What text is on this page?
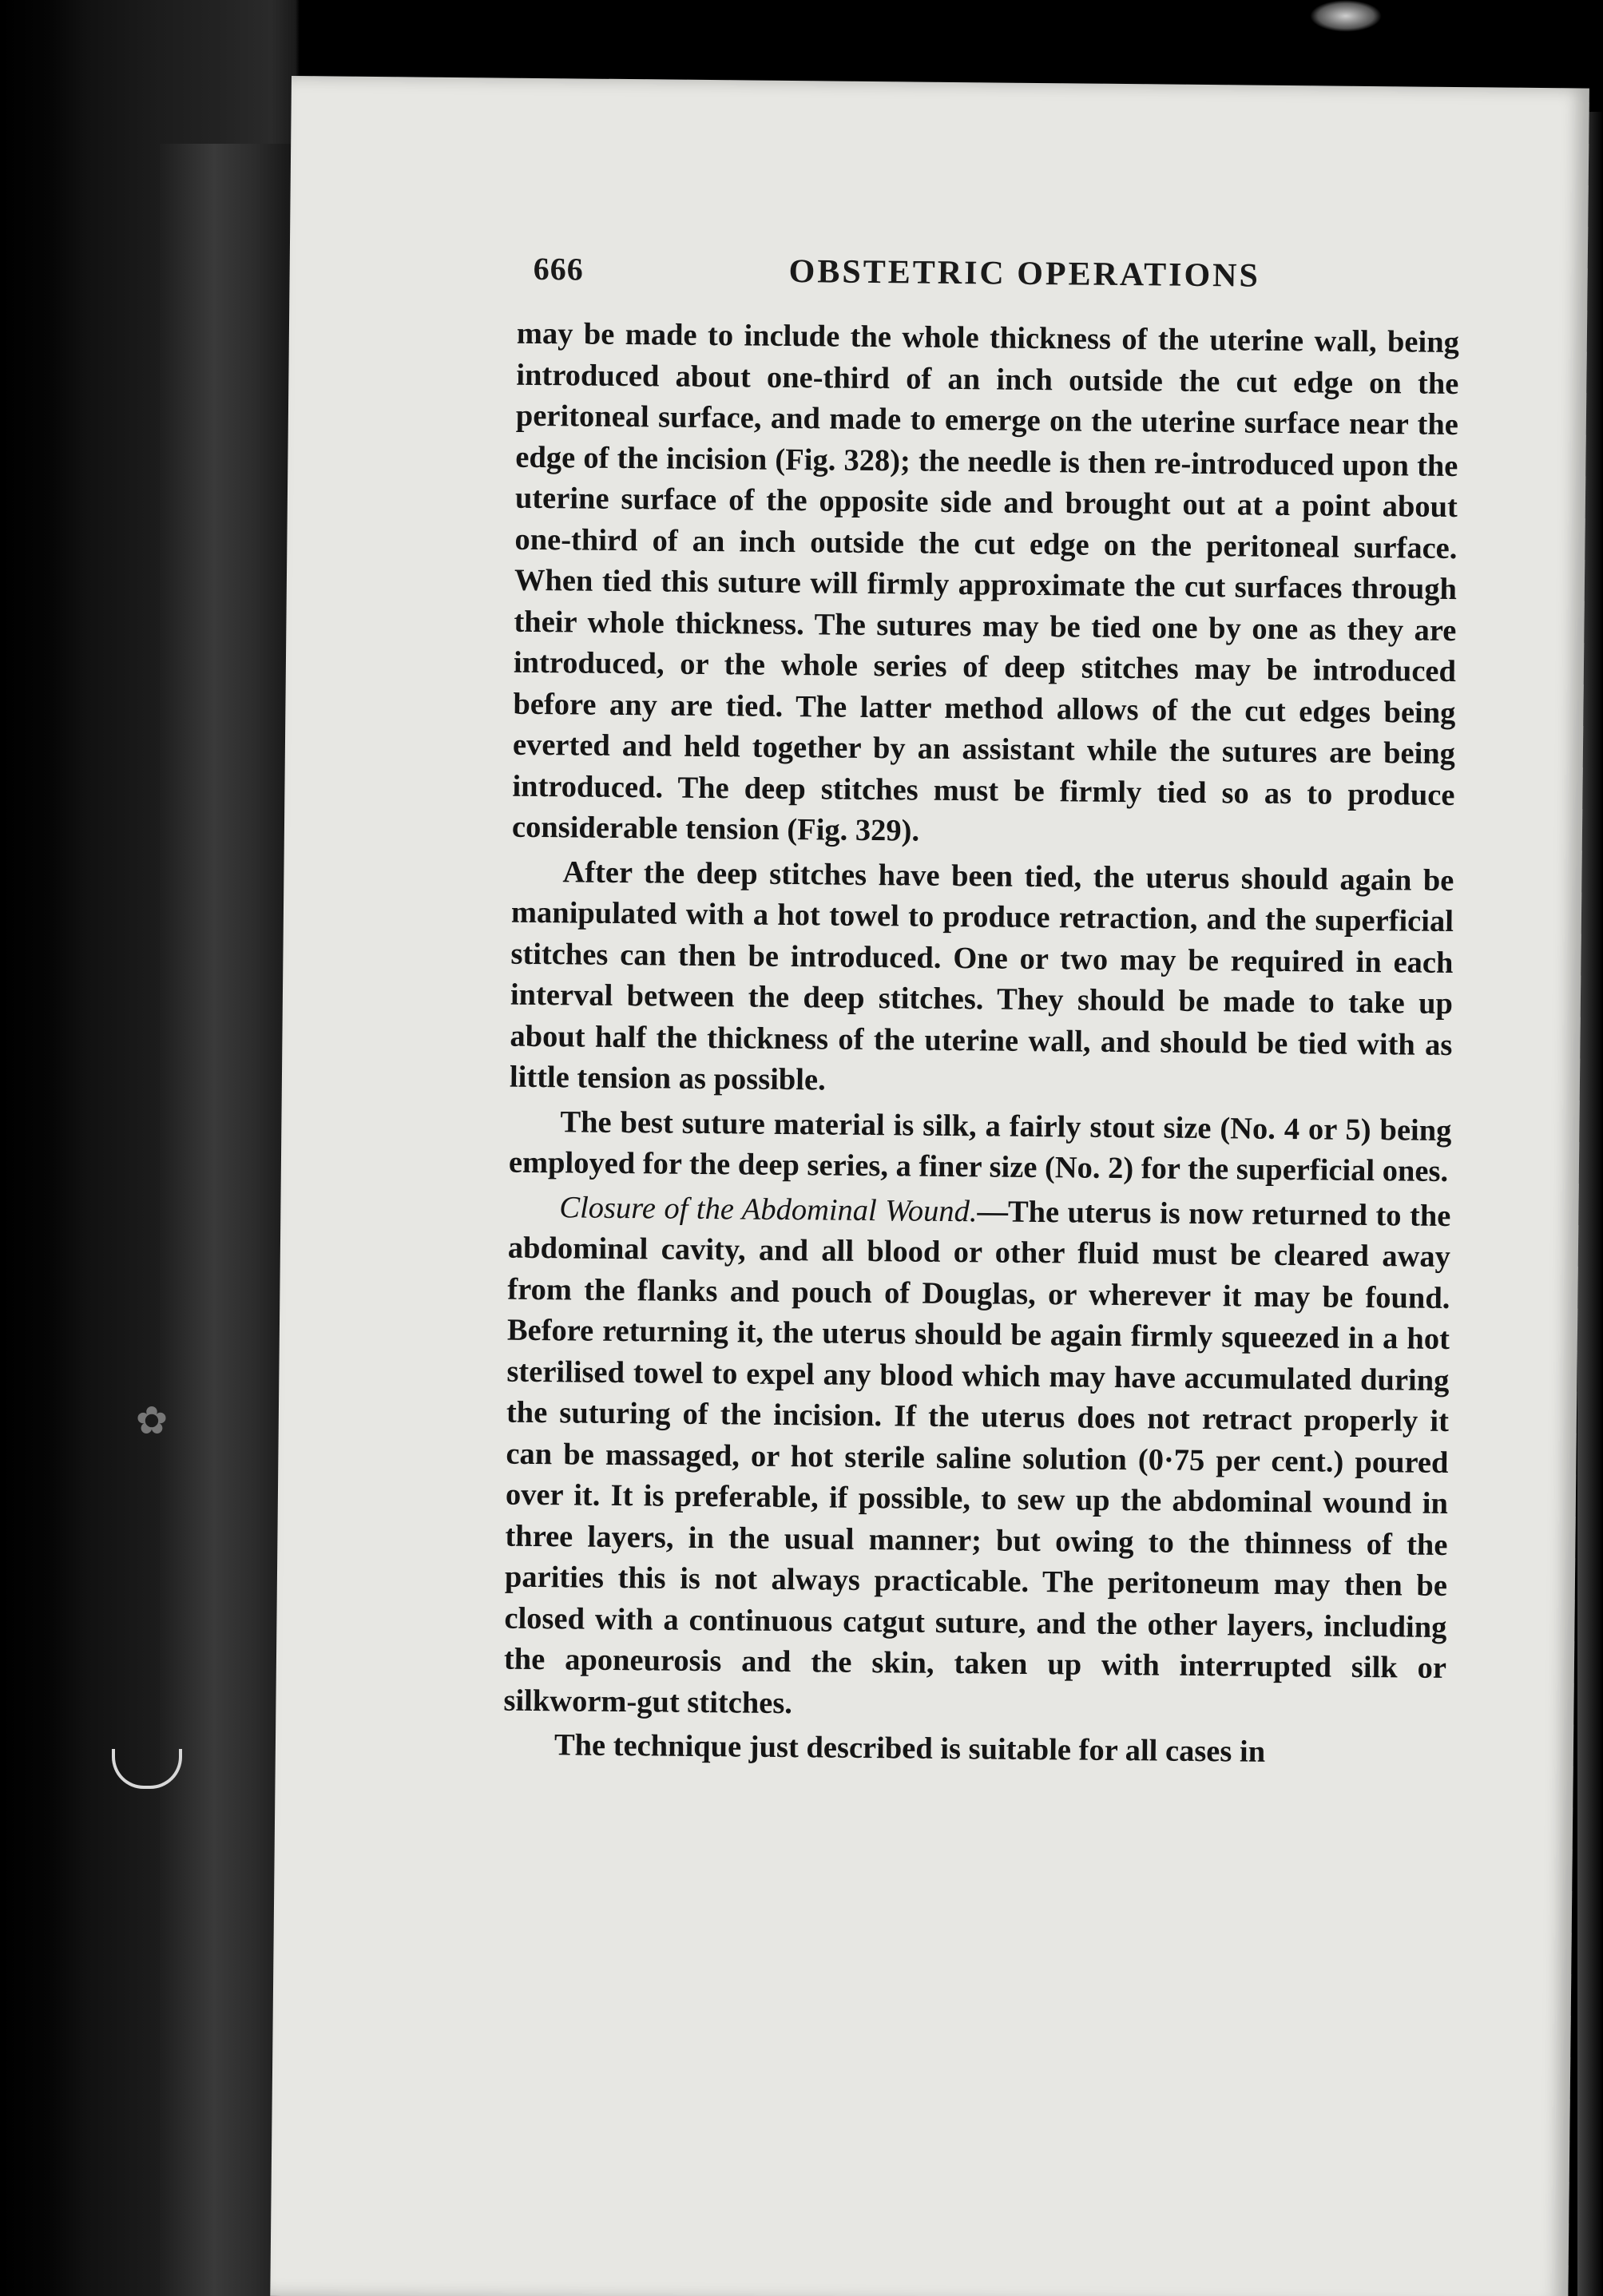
✿
666	OBSTETRIC OPERATIONS

may be made to include the whole thickness of the uterine wall, being introduced about one-third of an inch outside the cut edge on the peritoneal surface, and made to emerge on the uterine surface near the edge of the incision (Fig. 328); the needle is then re-introduced upon the uterine surface of the opposite side and brought out at a point about one-third of an inch outside the cut edge on the peritoneal surface. When tied this suture will firmly approximate the cut surfaces through their whole thickness. The sutures may be tied one by one as they are introduced, or the whole series of deep stitches may be introduced before any are tied. The latter method allows of the cut edges being everted and held together by an assistant while the sutures are being introduced. The deep stitches must be firmly tied so as to produce considerable tension (Fig. 329).

After the deep stitches have been tied, the uterus should again be manipulated with a hot towel to produce retraction, and the superficial stitches can then be introduced. One or two may be required in each interval between the deep stitches. They should be made to take up about half the thickness of the uterine wall, and should be tied with as little tension as possible.

The best suture material is silk, a fairly stout size (No. 4 or 5) being employed for the deep series, a finer size (No. 2) for the superficial ones.

Closure of the Abdominal Wound.—The uterus is now returned to the abdominal cavity, and all blood or other fluid must be cleared away from the flanks and pouch of Douglas, or wherever it may be found. Before returning it, the uterus should be again firmly squeezed in a hot sterilised towel to expel any blood which may have accumulated during the suturing of the incision. If the uterus does not retract properly it can be massaged, or hot sterile saline solution (0·75 per cent.) poured over it. It is preferable, if possible, to sew up the abdominal wound in three layers, in the usual manner; but owing to the thinness of the parities this is not always practicable. The peritoneum may then be closed with a continuous catgut suture, and the other layers, including the aponeurosis and the skin, taken up with interrupted silk or silkworm-gut stitches.

The technique just described is suitable for all cases in
